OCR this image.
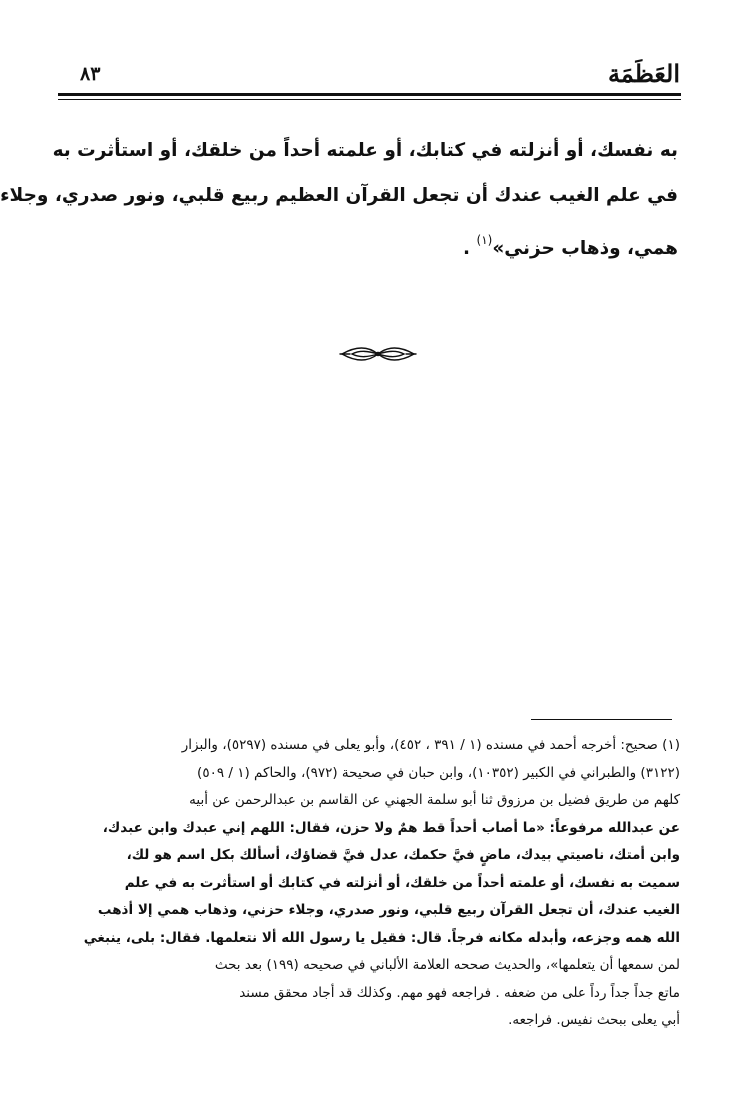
العَظَمَة
٨٣
به نفسك، أو أنزلته في كتابك، أو علمته أحداً من خلقك، أو استأثرت به
في علم الغيب عندك أن تجعل القرآن العظيم ربيع قلبي، ونور صدري، وجلاء
همي، وذهاب حزني»$^{(١)}$ .
(١) صحيح: أخرجه أحمد في مسنده (١ / ٣٩١ ، ٤٥٢)، وأبو يعلى في مسنده (٥٢٩٧)، والبزار
(٣١٢٢) والطبراني في الكبير (١٠٣٥٢)، وابن حبان في صحيحة (٩٧٢)، والحاكم (١ / ٥٠٩)
كلهم من طريق فضيل بن مرزوق ثنا أبو سلمة الجهني عن القاسم بن عبدالرحمن عن أبيه
عن عبدالله مرفوعاً: «ما أصاب أحداً قط همٌ ولا حزن، فقال: اللهم إني عبدك وابن عبدك،
وابن أمتك، ناصيتي بيدك، ماضٍ فيَّ حكمك، عدل فيَّ قضاؤك، أسألك بكل اسم هو لك،
سميت به نفسك، أو علمته أحداً من خلقك، أو أنزلته في كتابك أو استأثرت به في علم
الغيب عندك، أن تجعل القرآن ربيع قلبي، ونور صدري، وجلاء حزني، وذهاب همي إلا أذهب
الله همه وجزعه، وأبدله مكانه فرجاً. قال: فقيل يا رسول الله ألا نتعلمها. فقال: بلى، ينبغي
لمن سمعها أن يتعلمها»، والحديث صححه العلامة الألباني في صحيحه (١٩٩) بعد بحث
ماتع جداً جداً رداً على من ضعفه . فراجعه فهو مهم. وكذلك قد أجاد محقق مسند
أبي يعلى ببحث نفيس. فراجعه.
